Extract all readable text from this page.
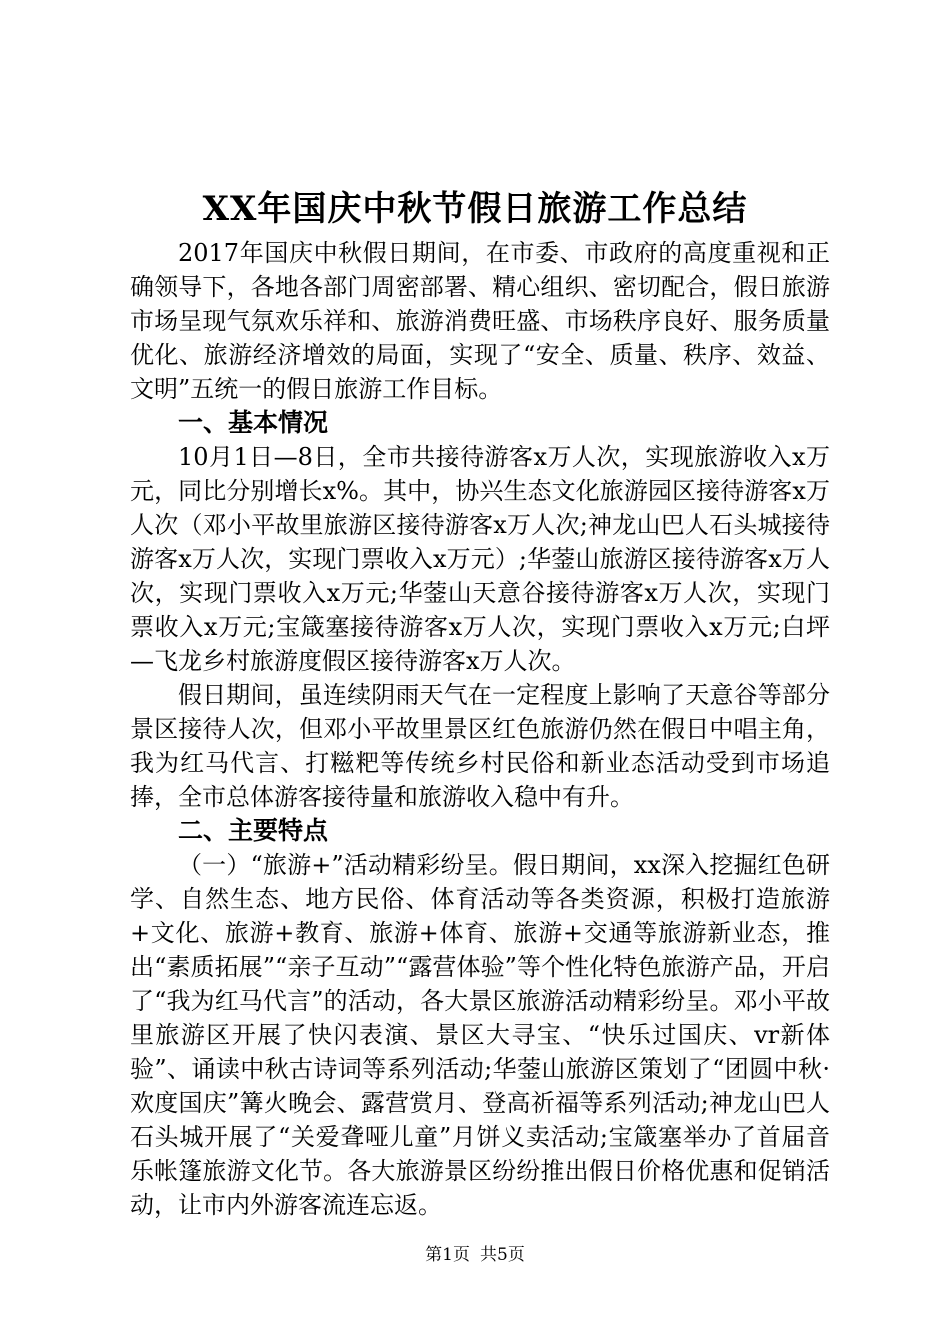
XX年国庆中秋节假日旅游工作总结

2017年国庆中秋假日期间，在市委、市政府的高度重视和正确领导下，各地各部门周密部署、精心组织、密切配合，假日旅游市场呈现气氛欢乐祥和、旅游消费旺盛、市场秩序良好、服务质量优化、旅游经济增效的局面，实现了“安全、质量、秩序、效益、文明”五统一的假日旅游工作目标。

一、基本情况

10月1日—8日，全市共接待游客x万人次，实现旅游收入x万元，同比分别增长x%。其中，协兴生态文化旅游园区接待游客x万人次（邓小平故里旅游区接待游客x万人次;神龙山巴人石头城接待游客x万人次，实现门票收入x万元）;华蓥山旅游区接待游客x万人次，实现门票收入x万元;华蓥山天意谷接待游客x万人次，实现门票收入x万元;宝箴塞接待游客x万人次，实现门票收入x万元;白坪—飞龙乡村旅游度假区接待游客x万人次。

假日期间，虽连续阴雨天气在一定程度上影响了天意谷等部分景区接待人次，但邓小平故里景区红色旅游仍然在假日中唱主角，我为红马代言、打糍粑等传统乡村民俗和新业态活动受到市场追捧，全市总体游客接待量和旅游收入稳中有升。

二、主要特点

（一）“旅游+”活动精彩纷呈。假日期间，xx深入挖掘红色研学、自然生态、地方民俗、体育活动等各类资源，积极打造旅游+文化、旅游+教育、旅游+体育、旅游+交通等旅游新业态，推出“素质拓展”“亲子互动”“露营体验”等个性化特色旅游产品，开启了“我为红马代言”的活动，各大景区旅游活动精彩纷呈。邓小平故里旅游区开展了快闪表演、景区大寻宝、“快乐过国庆、vr新体验”、诵读中秋古诗词等系列活动;华蓥山旅游区策划了“团圆中秋·欢度国庆”篝火晚会、露营赏月、登高祈福等系列活动;神龙山巴人石头城开展了“关爱聋哑儿童”月饼义卖活动;宝箴塞举办了首届音乐帐篷旅游文化节。各大旅游景区纷纷推出假日价格优惠和促销活动，让市内外游客流连忘返。

第1页 共5页
